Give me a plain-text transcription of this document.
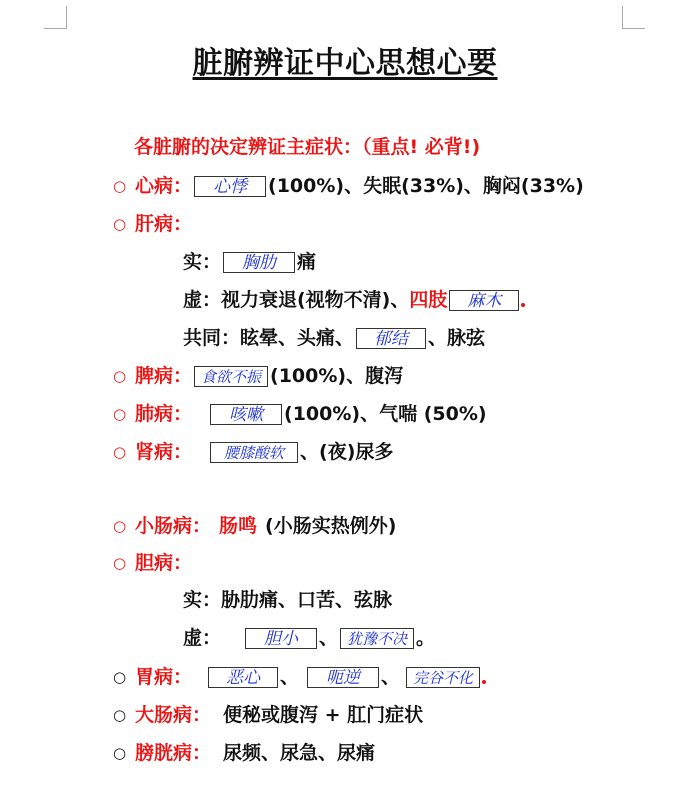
脏腑辨证中心思想心要
各脏腑的决定辨证主症状：（重点! 必背!)
○ 心病： 心悸 (100%)、失眠(33%)、胸闷(33%)
○ 肝病：
实： 胸肋 痛
虚：视力衰退(视物不清)、四肢 麻木
共同：眩晕、头痛、 郁结 、脉弦
○ 脾病： 食欲不振 (100%)、腹泻
○ 肺病： 咳嗽 (100%)、气喘 (50%)
○ 肾病： 腰膝酸软 、(夜)尿多
○ 小肠病： 肠鸣 (小肠实热例外)
○ 胆病：
实：胁肋痛、口苦、弦脉
虚：	胆小 、 犹豫不决 。
○ 胃病： 恶心 、 呃逆 、 完谷不化
○ 大肠病： 便秘或腹泻 + 肛门症状
○ 膀胱病： 尿频、尿急、尿痛
